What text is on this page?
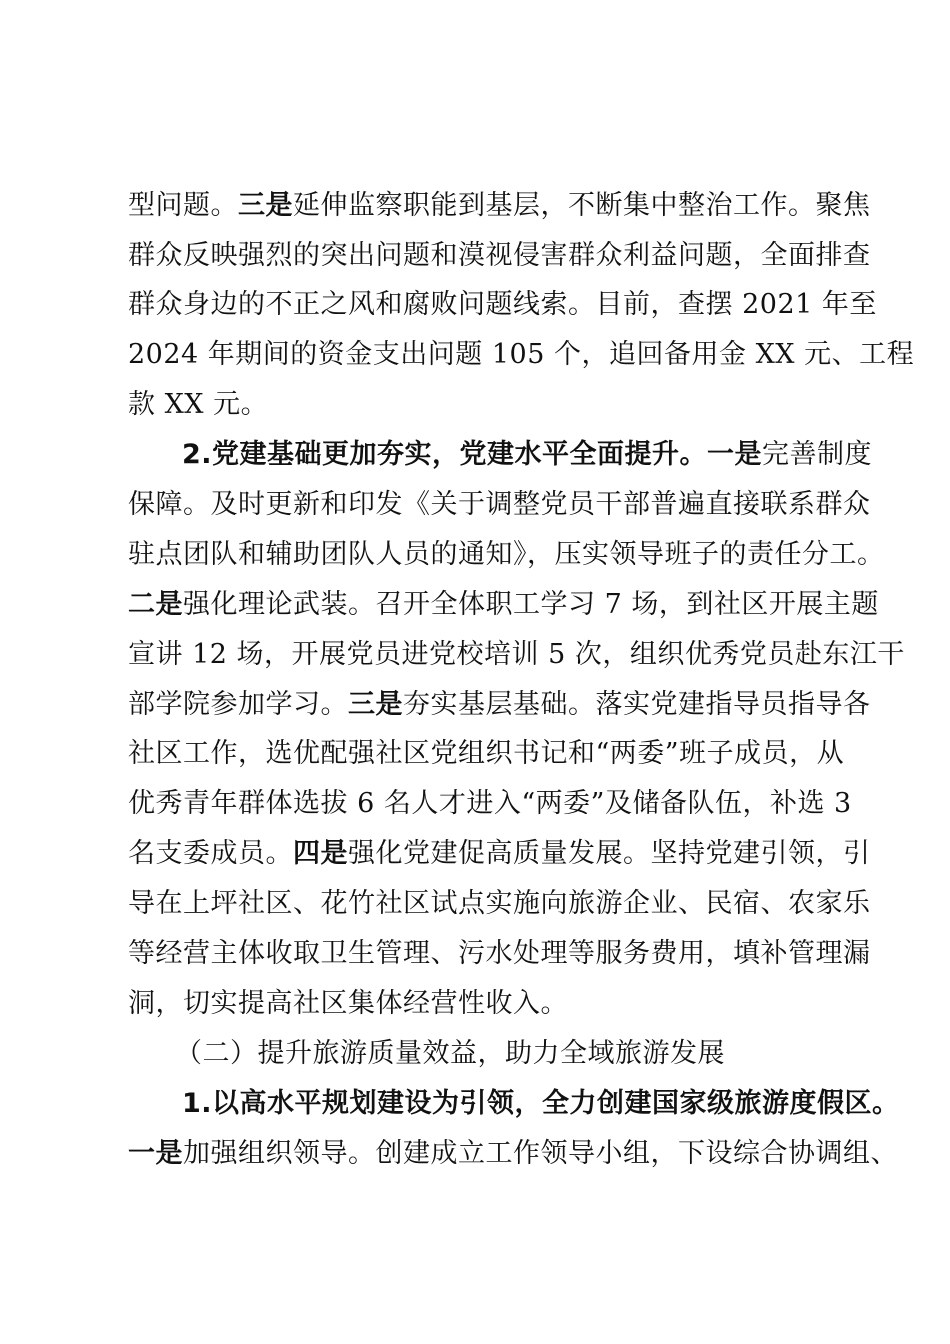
型问题。三是延伸监察职能到基层，不断集中整治工作。聚焦
群众反映强烈的突出问题和漠视侵害群众利益问题，全面排查
群众身边的不正之风和腐败问题线索。目前，查摆 2021 年至
2024 年期间的资金支出问题 105 个，追回备用金 XX 元、工程
款 XX 元。
2.党建基础更加夯实，党建水平全面提升。一是完善制度
保障。及时更新和印发《关于调整党员干部普遍直接联系群众
驻点团队和辅助团队人员的通知》，压实领导班子的责任分工。
二是强化理论武装。召开全体职工学习 7 场，到社区开展主题
宣讲 12 场，开展党员进党校培训 5 次，组织优秀党员赴东江干
部学院参加学习。三是夯实基层基础。落实党建指导员指导各
社区工作，选优配强社区党组织书记和“两委”班子成员，从
优秀青年群体选拔 6 名人才进入“两委”及储备队伍，补选 3
名支委成员。四是强化党建促高质量发展。坚持党建引领，引
导在上坪社区、花竹社区试点实施向旅游企业、民宿、农家乐
等经营主体收取卫生管理、污水处理等服务费用，填补管理漏
洞，切实提高社区集体经营性收入。
（二）提升旅游质量效益，助力全域旅游发展
1.以高水平规划建设为引领，全力创建国家级旅游度假区。
一是加强组织领导。创建成立工作领导小组，下设综合协调组、
